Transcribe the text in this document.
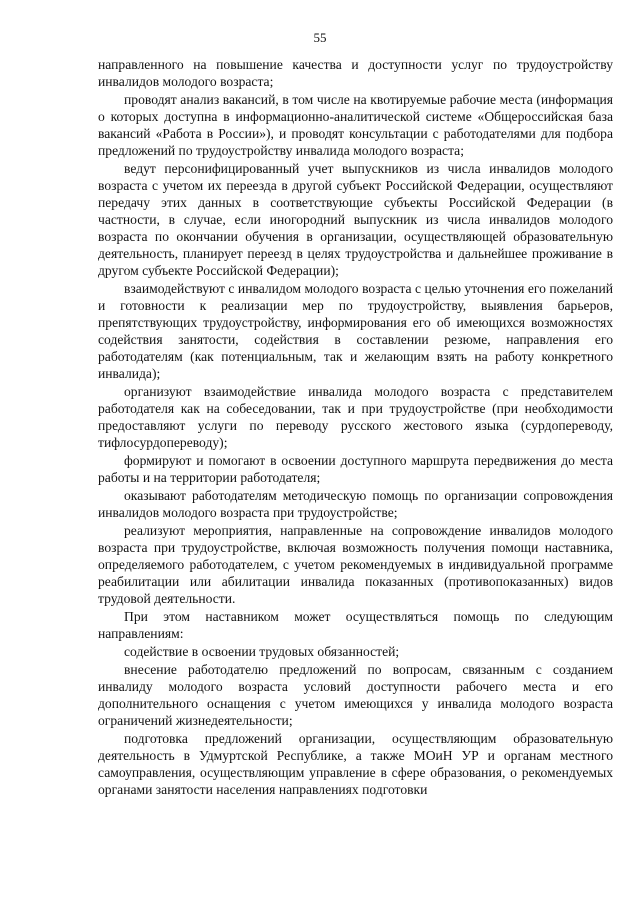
55

направленного на повышение качества и доступности услуг по трудоустройству инвалидов молодого возраста;

проводят анализ вакансий, в том числе на квотируемые рабочие места (информация о которых доступна в информационно-аналитической системе «Общероссийская база вакансий «Работа в России»), и проводят консультации с работодателями для подбора предложений по трудоустройству инвалида молодого возраста;

ведут персонифицированный учет выпускников из числа инвалидов молодого возраста с учетом их переезда в другой субъект Российской Федерации, осуществляют передачу этих данных в соответствующие субъекты Российской Федерации (в частности, в случае, если иногородний выпускник из числа инвалидов молодого возраста по окончании обучения в организации, осуществляющей образовательную деятельность, планирует переезд в целях трудоустройства и дальнейшее проживание в другом субъекте Российской Федерации);

взаимодействуют с инвалидом молодого возраста с целью уточнения его пожеланий и готовности к реализации мер по трудоустройству, выявления барьеров, препятствующих трудоустройству, информирования его об имеющихся возможностях содействия занятости, содействия в составлении резюме, направления его работодателям (как потенциальным, так и желающим взять на работу конкретного инвалида);

организуют взаимодействие инвалида молодого возраста с представителем работодателя как на собеседовании, так и при трудоустройстве (при необходимости предоставляют услуги по переводу русского жестового языка (сурдопереводу, тифлосурдопереводу);

формируют и помогают в освоении доступного маршрута передвижения до места работы и на территории работодателя;

оказывают работодателям методическую помощь по организации сопровождения инвалидов молодого возраста при трудоустройстве;

реализуют мероприятия, направленные на сопровождение инвалидов молодого возраста при трудоустройстве, включая возможность получения помощи наставника, определяемого работодателем, с учетом рекомендуемых в индивидуальной программе реабилитации или абилитации инвалида показанных (противопоказанных) видов трудовой деятельности.

При этом наставником может осуществляться помощь по следующим направлениям:

содействие в освоении трудовых обязанностей;

внесение работодателю предложений по вопросам, связанным с созданием инвалиду молодого возраста условий доступности рабочего места и его дополнительного оснащения с учетом имеющихся у инвалида молодого возраста ограничений жизнедеятельности;

подготовка предложений организации, осуществляющим образовательную деятельность в Удмуртской Республике, а также МОиН УР и органам местного самоуправления, осуществляющим управление в сфере образования, о рекомендуемых органами занятости населения направлениях подготовки
